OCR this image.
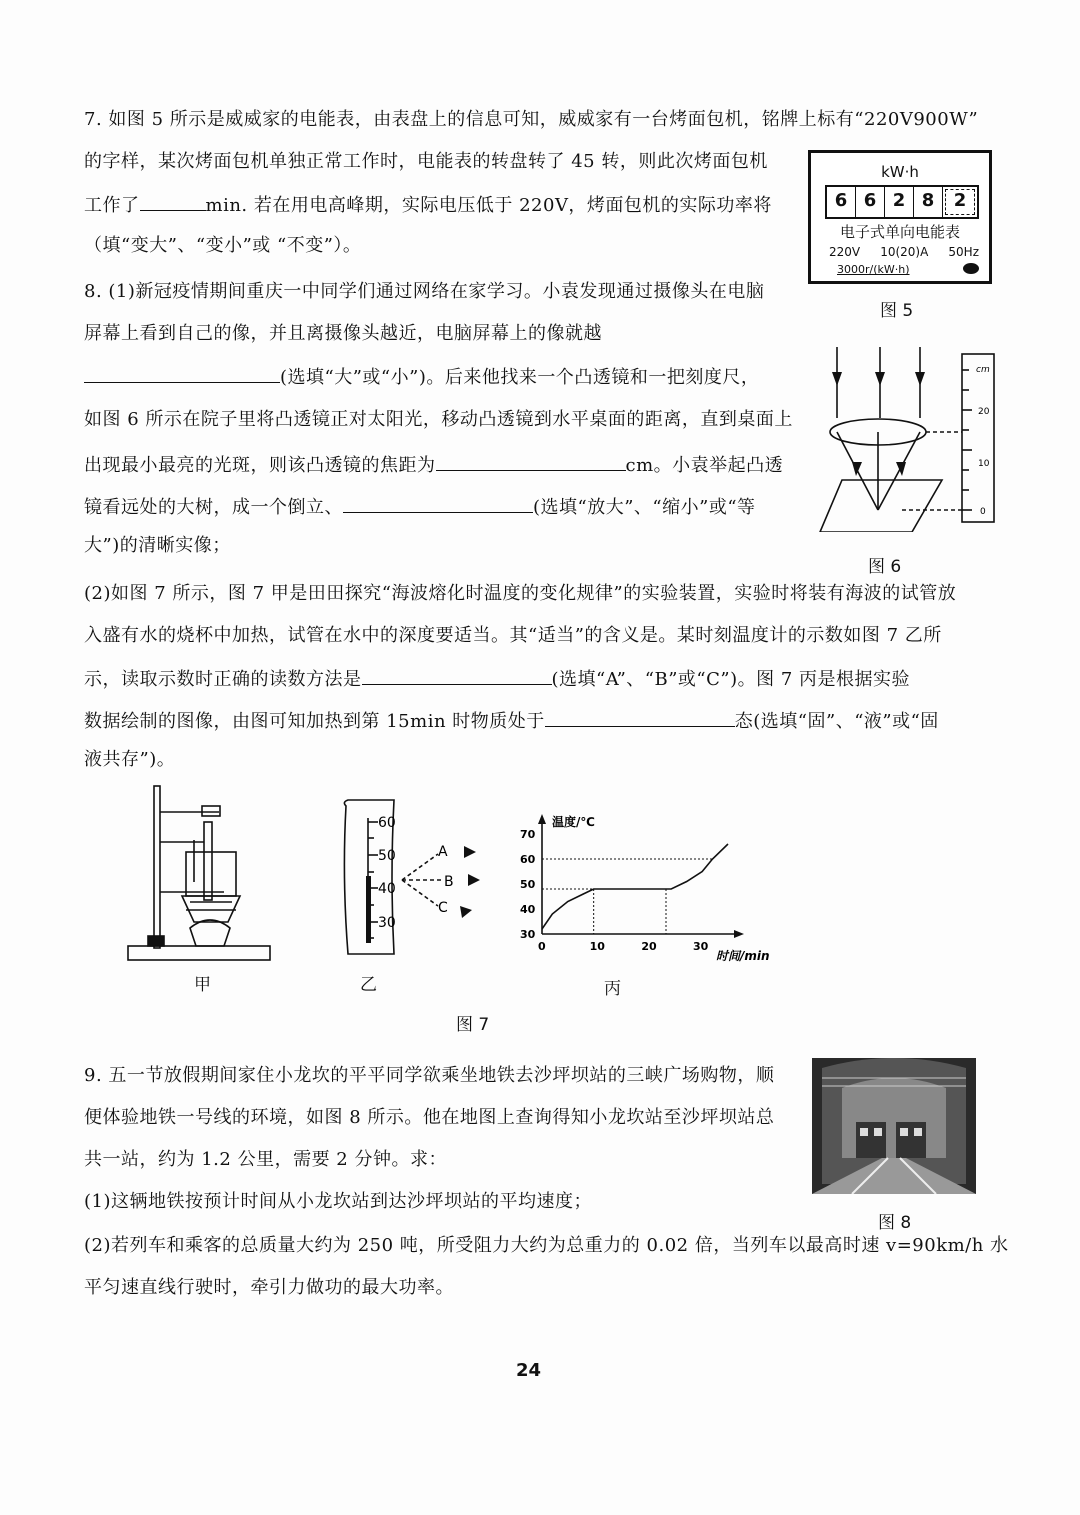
7. 如图 5 所示是威威家的电能表，由表盘上的信息可知，威威家有一台烤面包机，铭牌上标有“220V900W”
的字样，某次烤面包机单独正常工作时，电能表的转盘转了 45 转，则此次烤面包机
工作了	min. 若在用电高峰期，实际电压低于 220V，烤面包机的实际功率将
（填“变大”、“变小”或 “不变”）。
kW·h
6 6 2 8	2
电子式单向电能表
220V 10(20)A 50Hz
3000r/(kW·h)
图 5
8. (1)新冠疫情期间重庆一中同学们通过网络在家学习。小袁发现通过摄像头在电脑
屏幕上看到自己的像，并且离摄像头越近，电脑屏幕上的像就越
(选填“大”或“小”)。后来他找来一个凸透镜和一把刻度尺，
如图 6 所示在院子里将凸透镜正对太阳光，移动凸透镜到水平桌面的距离，直到桌面上
出现最小最亮的光斑，则该凸透镜的焦距为	cm。小袁举起凸透
镜看远处的大树，成一个倒立、	(选填“放大”、“缩小”或“等
大”)的清晰实像；
cm
20
10
0
图 6
(2)如图 7 所示，图 7 甲是田田探究“海波熔化时温度的变化规律”的实验装置，实验时将装有海波的试管放
入盛有水的烧杯中加热，试管在水中的深度要适当。其“适当”的含义是。某时刻温度计的示数如图 7 乙所
示，读取示数时正确的读数方法是	(选填“A”、“B”或“C”)。图 7 丙是根据实验
数据绘制的图像，由图可知加热到第 15min 时物质处于	态(选填“固”、“液”或“固
液共存”)。
甲
60
50
40
30
A
B
C
乙
温度/℃
时间/min
70
60
50
40
30
0	10	20	30
丙
图 7
9. 五一节放假期间家住小龙坎的平平同学欲乘坐地铁去沙坪坝站的三峡广场购物，顺
便体验地铁一号线的环境，如图 8 所示。他在地图上查询得知小龙坎站至沙坪坝站总
共一站，约为 1.2 公里，需要 2 分钟。求：
(1)这辆地铁按预计时间从小龙坎站到达沙坪坝站的平均速度；
(2)若列车和乘客的总质量大约为 250 吨，所受阻力大约为总重力的 0.02 倍，当列车以最高时速 v=90km/h 水
平匀速直线行驶时，牵引力做功的最大功率。
图 8
24
